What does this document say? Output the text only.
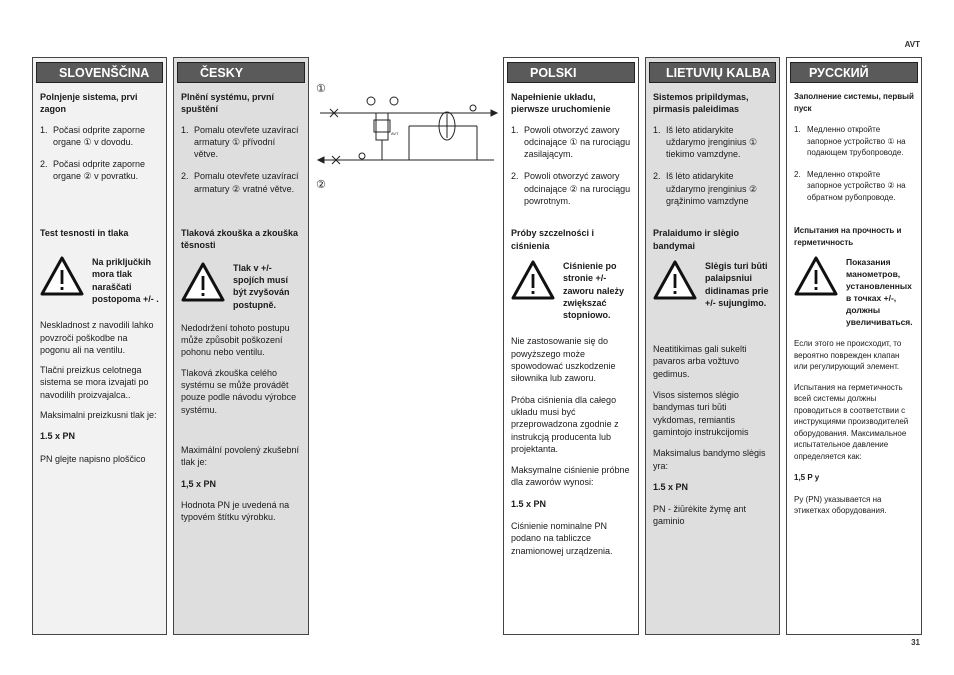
AVT
SLOVENŠČINA

Polnjenje sistema, prvi zagon

1. Počasi odprite zaporne organe ① v dovodu.
2. Počasi odprite zaporne organe ② v povratku.

Test tesnosti in tlaka

Na priključkih mora tlak naraščati postopoma +/- .

Neskladnost z navodili lahko povzroči poškodbe na pogonu ali na ventilu.

Tlačni preizkus celotnega sistema se mora izvajati po navodilih proizvajalca..

Maksimalni preizkusni tlak je:

1.5 x PN

PN glejte napisno ploščico

ČESKY

Plnění systému, první spuštění

1. Pomalu otevřete uzavírací armatury ① přívodní větve.
2. Pomalu otevřete uzavírací armatury ② vratné větve.

Tlaková zkouška a zkouška těsnosti

Tlak v +/- spojích musí být zvyšován postupně.

Nedodržení tohoto postupu může způsobit poškození pohonu nebo ventilu.

Tlaková zkouška celého systému se může provádět pouze podle návodu výrobce systému.

Maximální povolený zkušební tlak je:

1,5 x PN

Hodnota PN je uvedená na typovém štítku výrobku.

①
②
AVT
POLSKI

Napełnienie układu, pierwsze uruchomienie

1. Powoli otworzyć zawory odcinające ① na rurociągu zasilającym.
2. Powoli otworzyć zawory odcinające ② na rurociągu powrotnym.

Próby szczelności i ciśnienia

Ciśnienie po stronie +/- zaworu należy zwiększać stopniowo.

Nie zastosowanie się do powyższego może spowodować uszkodzenie siłownika lub zaworu.

Próba ciśnienia dla całego układu musi być przeprowadzona zgodnie z instrukcją producenta lub projektanta.

Maksymalne ciśnienie próbne dla zaworów wynosi:

1.5 x PN

Ciśnienie nominalne PN podano na tabliczce znamionowej urządzenia.

LIETUVIŲ KALBA

Sistemos pripildymas, pirmasis paleidimas

1. Iš lėto atidarykite uždarymo įrenginius ① tiekimo vamzdyne.
2. Iš lėto atidarykite uždarymo įrenginius ② grąžinimo vamzdyne

Pralaidumo ir slėgio bandymai

Slėgis turi būti palaipsniui didinamas prie +/- sujungimo.

Neatitikimas gali sukelti pavaros arba vožtuvo gedimus.

Visos sistemos slėgio bandymas turi būti vykdomas, remiantis gamintojo instrukcijomis

Maksimalus bandymo slėgis yra:

1.5 x PN

PN - žiūrėkite žymę ant gaminio

РУССКИЙ

Заполнение системы, первый пуск

1. Медленно откройте запорное устройство ① на подающем трубопроводе.
2. Медленно откройте запорное устройство ② на обратном рубопроводе.

Испытания на прочность и герметичность

Показания манометров, установленных в точках +/-, должны увеличиваться.

Если этого не происходит, то вероятно поврежден клапан или регулирующий элемент.

Испытания на герметичность всей системы должны проводиться в соответствии с инструкциями производителей оборудования. Максимальное испытательное давление определяется как:

1,5 P у

Pу (PN) указывается на этикетках оборудования.

31
